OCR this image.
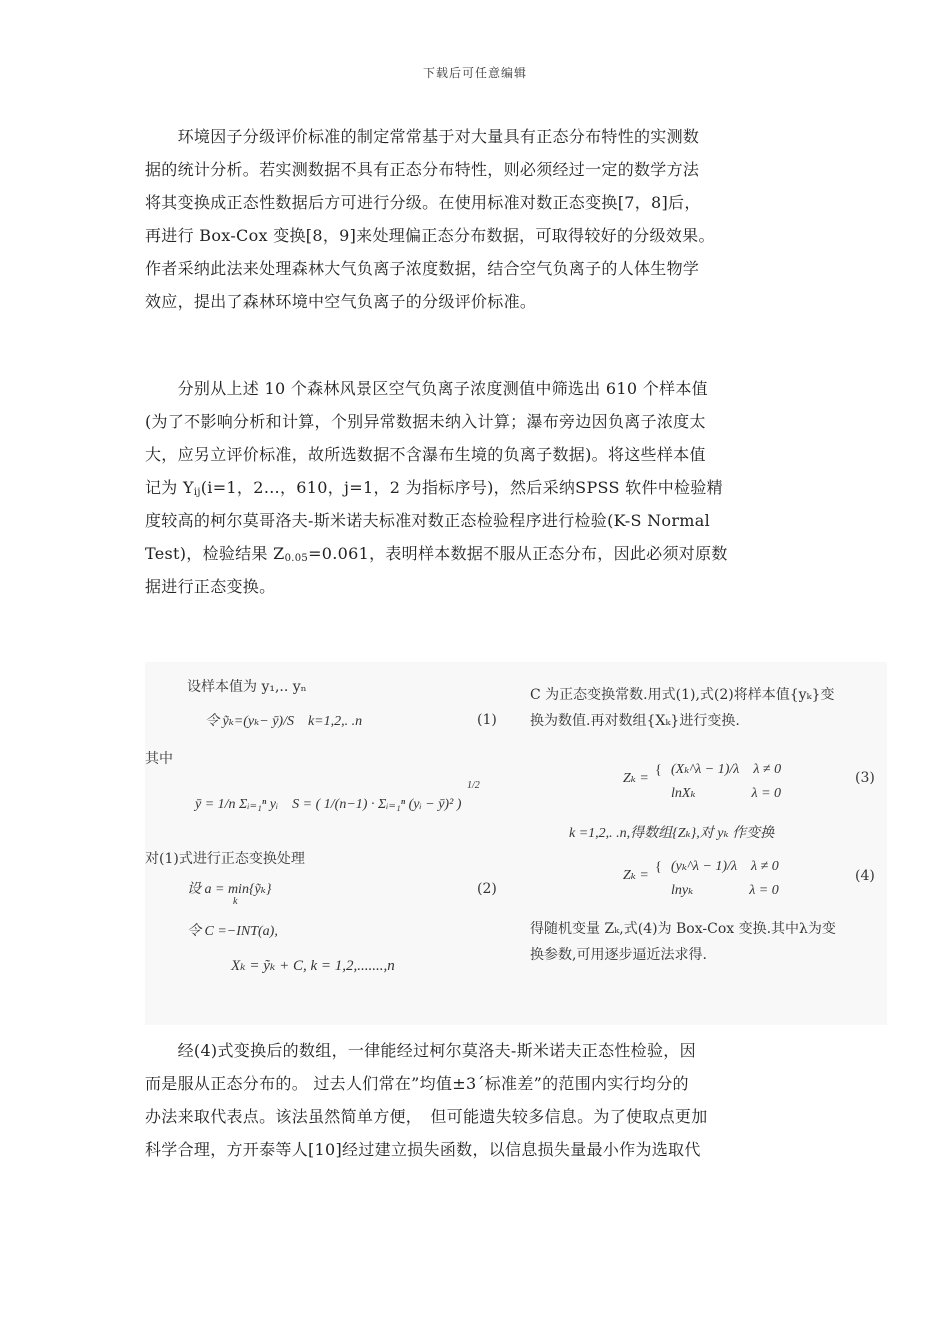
下载后可任意编辑
　　环境因子分级评价标准的制定常常基于对大量具有正态分布特性的实测数
据的统计分析。若实测数据不具有正态分布特性，则必须经过一定的数学方法
将其变换成正态性数据后方可进行分级。在使用标准对数正态变换[7，8]后，
再进行 Box-Cox 变换[8，9]来处理偏正态分布数据，可取得较好的分级效果。
作者采纳此法来处理森林大气负离子浓度数据，结合空气负离子的人体生物学
效应，提出了森林环境中空气负离子的分级评价标准。
　　分别从上述 10 个森林风景区空气负离子浓度测值中筛选出 610 个样本值
(为了不影响分析和计算，个别异常数据未纳入计算；瀑布旁边因负离子浓度太
大，应另立评价标准，故所选数据不含瀑布生境的负离子数据)。将这些样本值
记为 $Y_{ij}(i=1$，2…，610，j=1，2 为指标序号)，然后采纳SPSS 软件中检验精
度较高的柯尔莫哥洛夫-斯米诺夫标准对数正态检验程序进行检验(K-S Normal
Test)，检验结果 $Z_{0.05}=0.061$，表明样本数据不服从正态分布，因此必须对原数
据进行正态变换。
设样本值为 y₁,.. yₙ
令 ỹₖ=(yₖ− ȳ)/S　k=1,2,. .n	(1)
其中
ȳ = 1/n Σᵢ₌₁ⁿ yᵢ　S = ( 1/(n−1) · Σᵢ₌₁ⁿ (yᵢ − ȳ)² )
1/2
对(1)式进行正态变换处理
设 a = min{ỹₖ}
k
(2)
令 C =−INT(a),
Xₖ = ỹₖ + C, k = 1,2,.......,n
C 为正态变换常数.用式(1),式(2)将样本值{yₖ}变
换为数值.再对数组{Xₖ}进行变换.
Zₖ =
{ (Xₖ^λ − 1)/λ　λ ≠ 0
lnXₖ　　　　λ = 0
(3)
k =1,2,. .n,得数组{Zₖ},对 yₖ 作变换
Zₖ =
{ (yₖ^λ − 1)/λ　λ ≠ 0
lnyₖ　　　　λ = 0
(4)
得随机变量 Zₖ,式(4)为 Box-Cox 变换.其中λ为变
换参数,可用逐步逼近法求得.
　　经(4)式变换后的数组，一律能经过柯尔莫洛夫-斯米诺夫正态性检验，因
而是服从正态分布的。 过去人们常在”均值±3´标准差”的范围内实行均分的
办法来取代表点。该法虽然简单方便，　但可能遗失较多信息。为了使取点更加
科学合理，方开泰等人[10]经过建立损失函数，以信息损失量最小作为选取代
